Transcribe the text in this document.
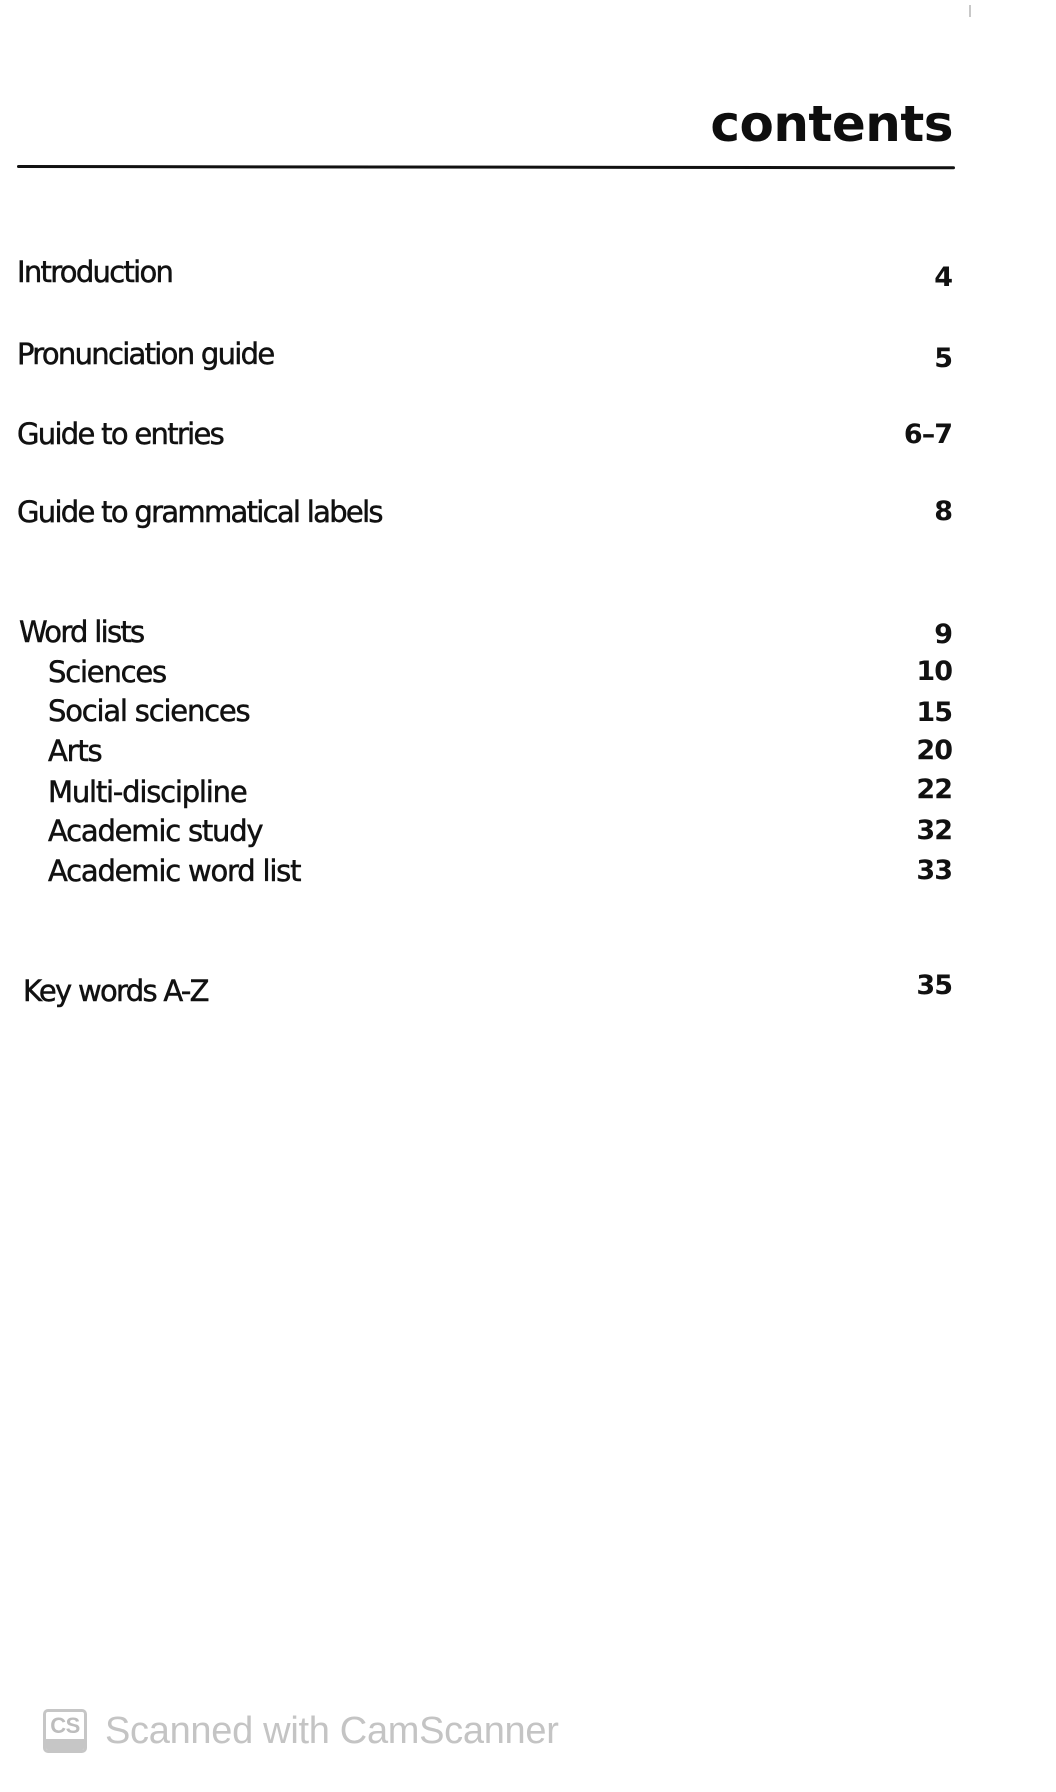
contents
Introduction	4
Pronunciation guide	5
Guide to entries	6–7
Guide to grammatical labels	8
Word lists	9
Sciences	10
Social sciences	15
Arts	20
Multi-discipline	22
Academic study	32
Academic word list	33
Key words A-Z	35
CS Scanned with CamScanner
